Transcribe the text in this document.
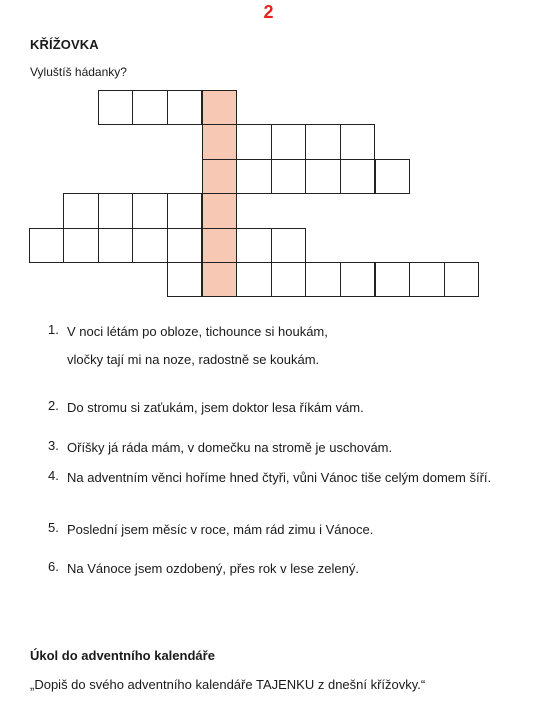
2
KŘÍŽOVKA
Vyluštíš hádanky?
1. V noci létám po obloze, tichounce si houkám,

vločky tají mi na noze, radostně se koukám.

2. Do stromu si zaťukám, jsem doktor lesa říkám vám.

3. Oříšky já ráda mám, v domečku na stromě je uschovám.

4. Na adventním věnci hoříme hned čtyři, vůni Vánoc tiše celým domem šíří.

5. Poslední jsem měsíc v roce, mám rád zimu i Vánoce.

6. Na Vánoce jsem ozdobený, přes rok v lese zelený.

Úkol do adventního kalendáře
„Dopiš do svého adventního kalendáře TAJENKU z dnešní křížovky.“
